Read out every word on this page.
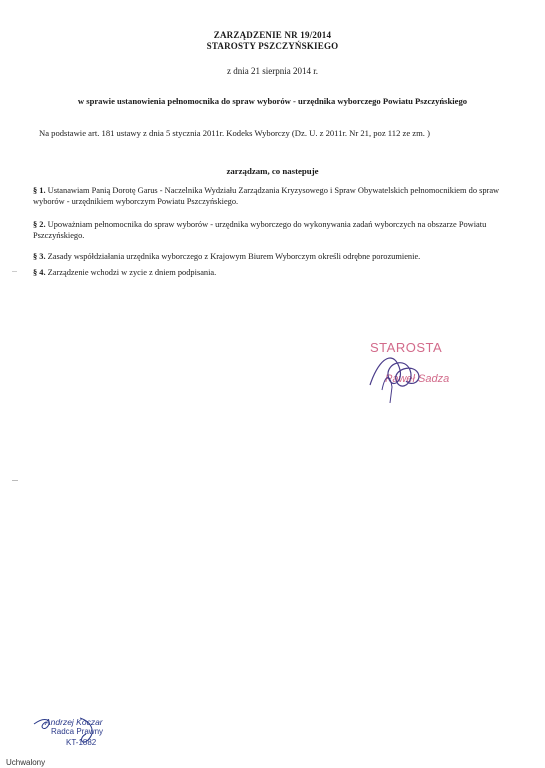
ZARZĄDZENIE NR 19/2014
STAROSTY PSZCZYŃSKIEGO
z dnia 21 sierpnia 2014 r.
w sprawie ustanowienia pełnomocnika do spraw wyborów - urzędnika wyborczego Powiatu Pszczyńskiego
Na podstawie art. 181 ustawy z dnia 5 stycznia 2011r. Kodeks Wyborczy (Dz. U. z 2011r. Nr 21, poz 112 ze zm. )
zarządzam, co nastepuje
§ 1. Ustanawiam Panią Dorotę Garus - Naczelnika Wydziału Zarządzania Kryzysowego i Spraw Obywatelskich pełnomocnikiem do spraw wyborów - urzędnikiem wyborczym Powiatu Pszczyńskiego.
§ 2. Upoważniam pełnomocnika do spraw wyborów - urzędnika wyborczego do wykonywania zadań wyborczych na obszarze Powiatu Pszczyńskiego.
§ 3. Zasady współdziałania urzędnika wyborczego z Krajowym Biurem Wyborczym określi odrębne porozumienie.
§ 4. Zarządzenie wchodzi w zycie z dniem podpisania.
STAROSTA
Paweł Sadza
Andrzej Koczar
Radca Prawny
KT-1882
Uchwalony
